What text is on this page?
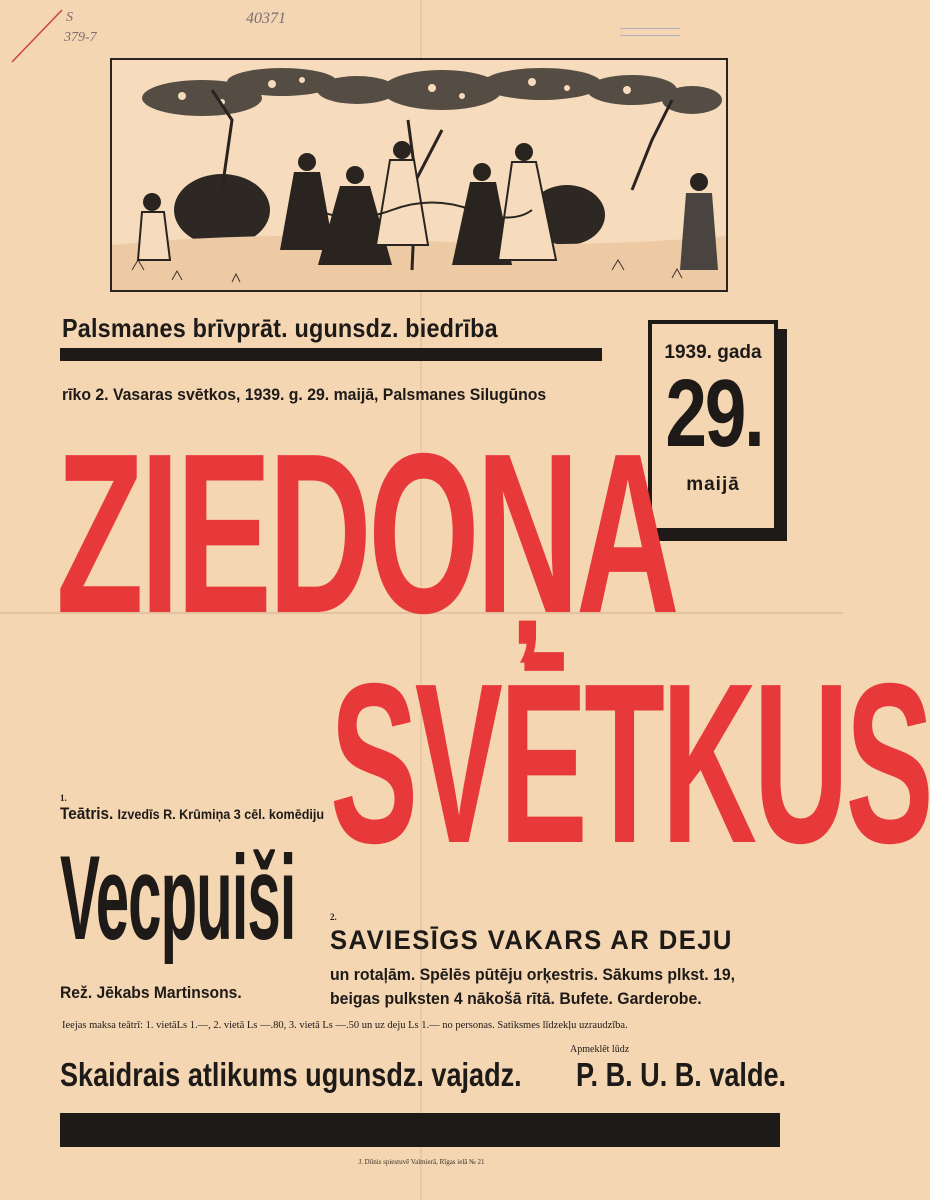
S
379-7
40371

Palsmanes brīvprāt. ugunsdz. biedrība
rīko 2. Vasaras svētkos, 1939. g. 29. maijā, Palsmanes Silugūnos
1939. gada
29.
maijā
ZIEDOŅA
SVĒTKUS
1.
Teātris. Izvedīs R. Krūmiņa 3 cēl. komēdiju
Vecpuiši
Rež. Jēkabs Martinsons.
2.
SAVIESĪGS VAKARS AR DEJU
un rotaļām. Spēlēs pūtēju orķestris. Sākums plkst. 19,
beigas pulksten 4 nākošā rītā. Bufete. Garderobe.
Ieejas maksa teātrī: 1. vietāLs 1.—, 2. vietā Ls —.80, 3. vietā Ls —.50 un uz deju Ls 1.— no personas. Satiksmes līdzekļu uzraudzība.
Apmeklēt lūdz
Skaidrais atlikums ugunsdz. vajadz. P. B. U. B. valde.
J. Dūnis spiestuvē Valmierā, Rīgas ielā № 21
